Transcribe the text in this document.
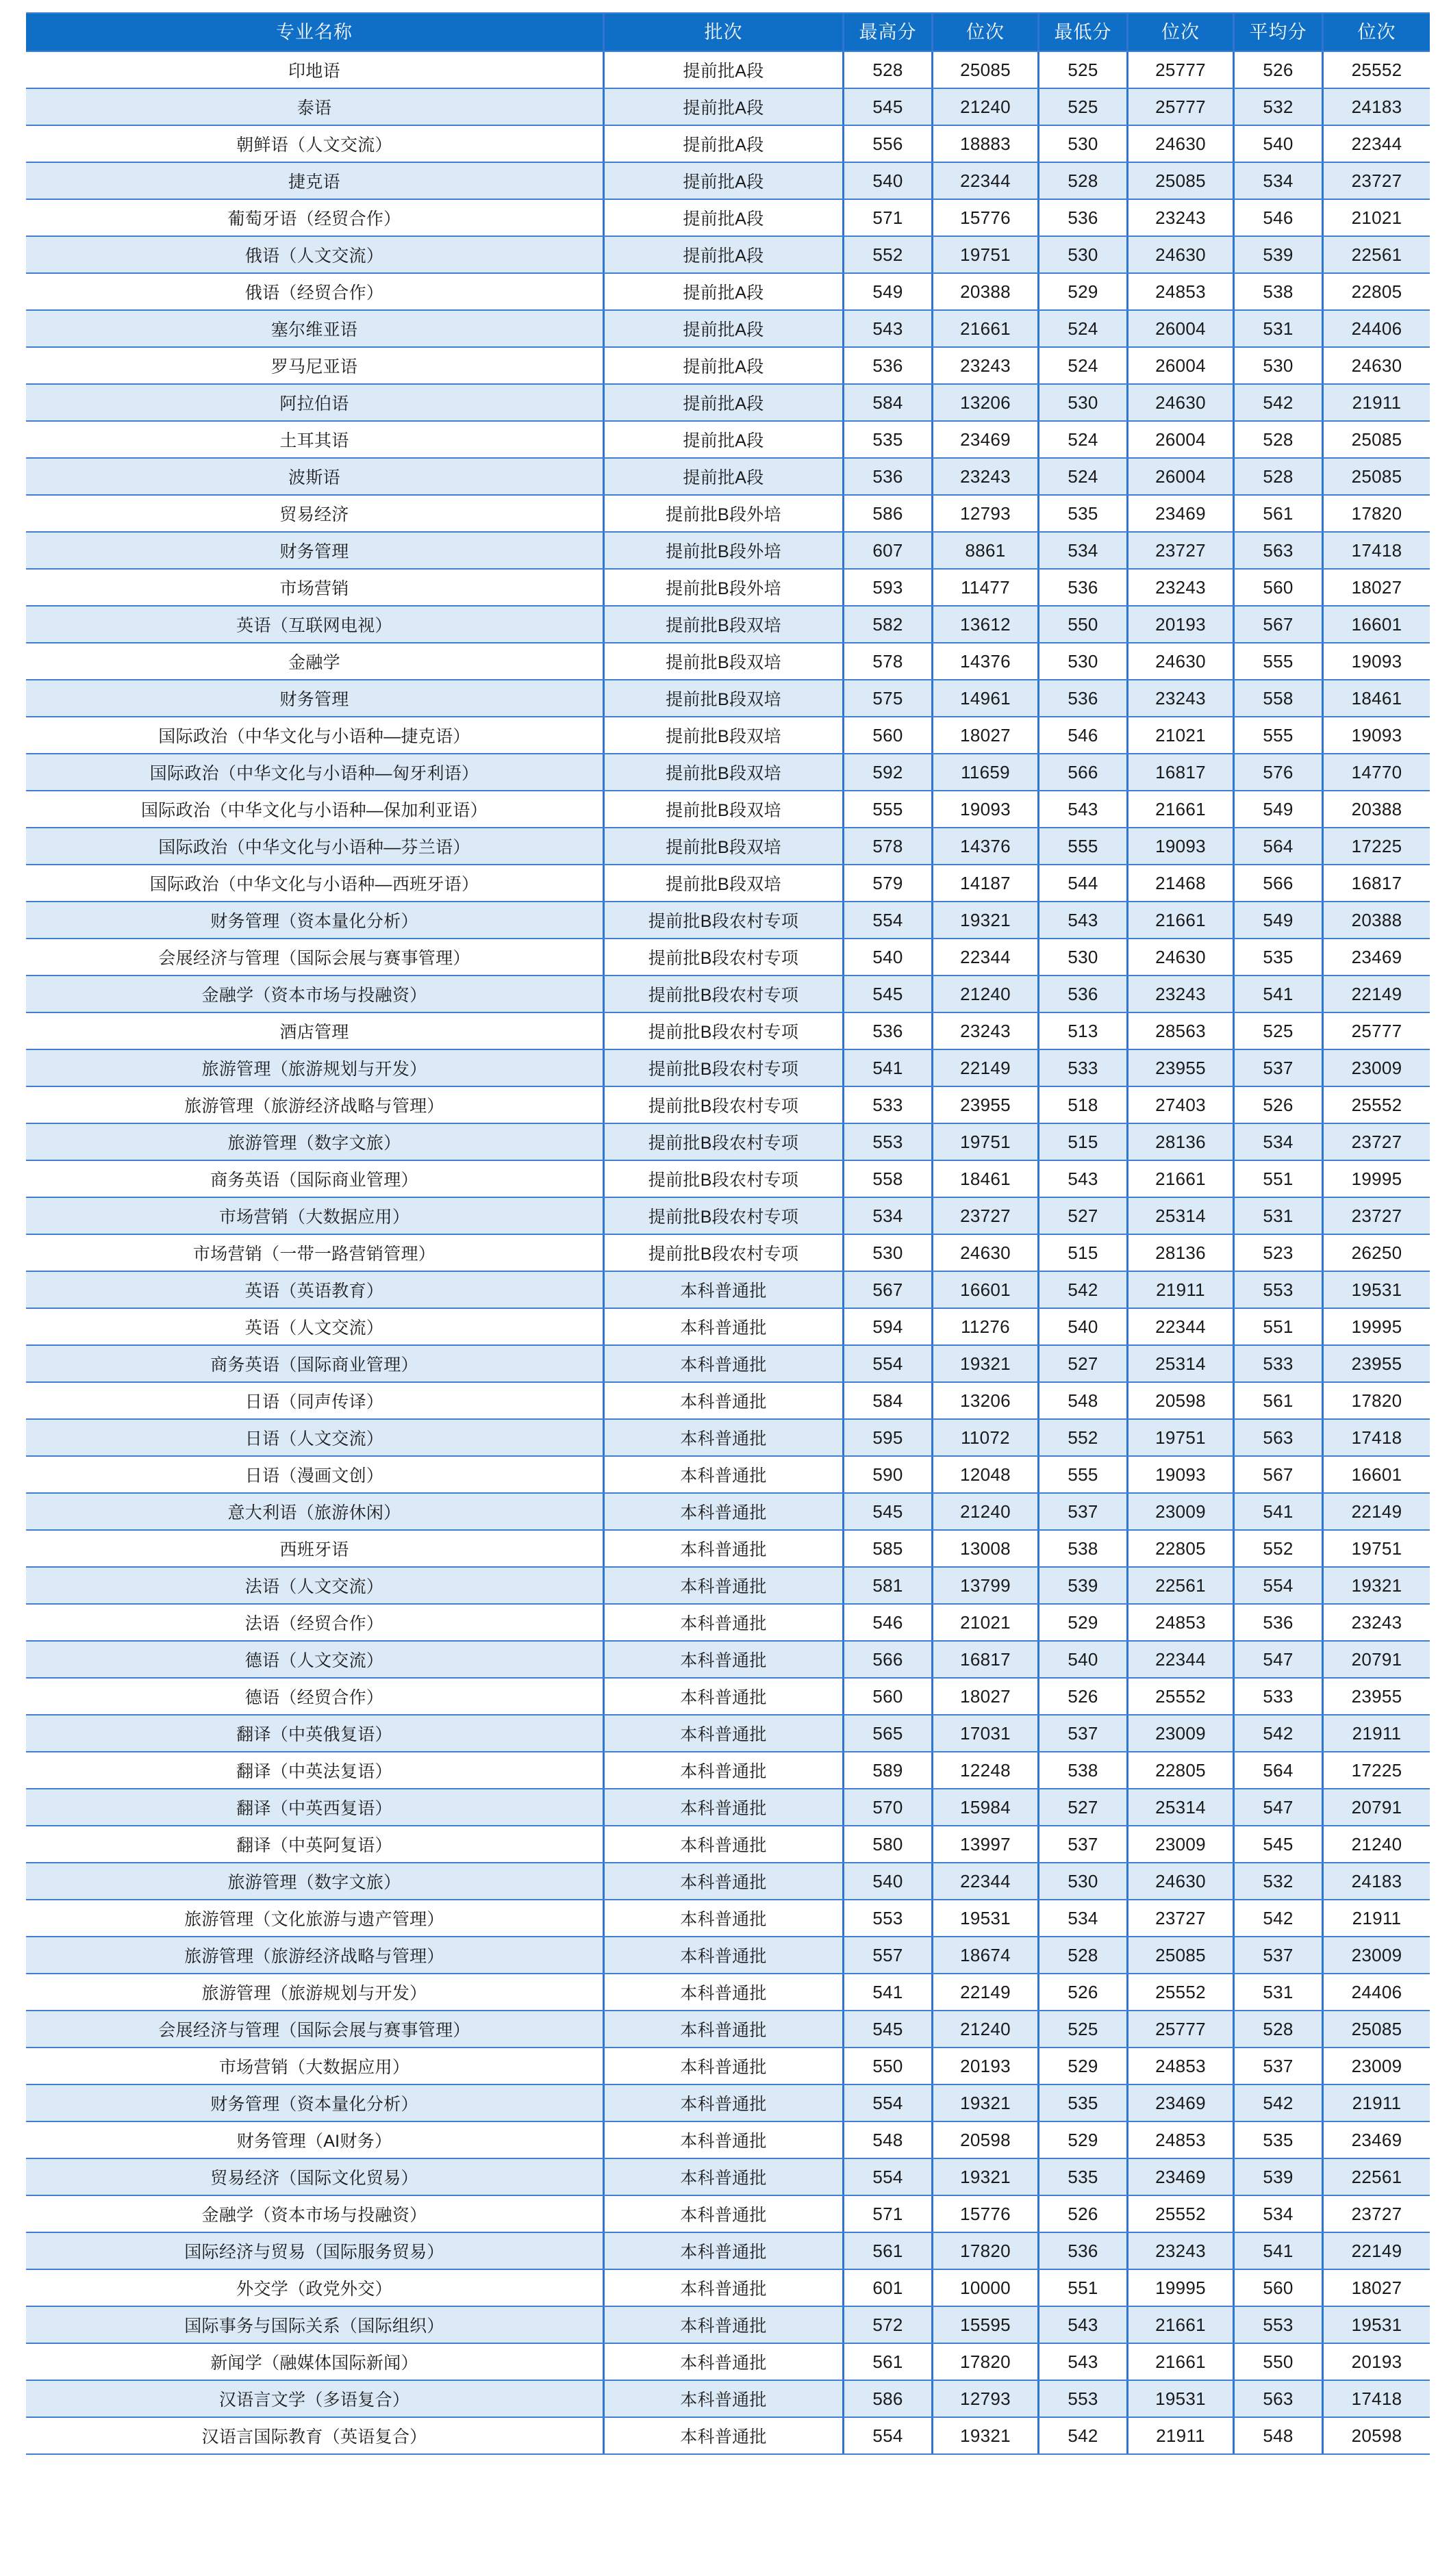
专业名称	批次	最高分	位次	最低分	位次	平均分	位次
印地语	提前批A段	528	25085	525	25777	526	25552
泰语	提前批A段	545	21240	525	25777	532	24183
朝鲜语（人文交流）	提前批A段	556	18883	530	24630	540	22344
捷克语	提前批A段	540	22344	528	25085	534	23727
葡萄牙语（经贸合作）	提前批A段	571	15776	536	23243	546	21021
俄语（人文交流）	提前批A段	552	19751	530	24630	539	22561
俄语（经贸合作）	提前批A段	549	20388	529	24853	538	22805
塞尔维亚语	提前批A段	543	21661	524	26004	531	24406
罗马尼亚语	提前批A段	536	23243	524	26004	530	24630
阿拉伯语	提前批A段	584	13206	530	24630	542	21911
土耳其语	提前批A段	535	23469	524	26004	528	25085
波斯语	提前批A段	536	23243	524	26004	528	25085
贸易经济	提前批B段外培	586	12793	535	23469	561	17820
财务管理	提前批B段外培	607	8861	534	23727	563	17418
市场营销	提前批B段外培	593	11477	536	23243	560	18027
英语（互联网电视）	提前批B段双培	582	13612	550	20193	567	16601
金融学	提前批B段双培	578	14376	530	24630	555	19093
财务管理	提前批B段双培	575	14961	536	23243	558	18461
国际政治（中华文化与小语种—捷克语）	提前批B段双培	560	18027	546	21021	555	19093
国际政治（中华文化与小语种—匈牙利语）	提前批B段双培	592	11659	566	16817	576	14770
国际政治（中华文化与小语种—保加利亚语）	提前批B段双培	555	19093	543	21661	549	20388
国际政治（中华文化与小语种—芬兰语）	提前批B段双培	578	14376	555	19093	564	17225
国际政治（中华文化与小语种—西班牙语）	提前批B段双培	579	14187	544	21468	566	16817
财务管理（资本量化分析）	提前批B段农村专项	554	19321	543	21661	549	20388
会展经济与管理（国际会展与赛事管理）	提前批B段农村专项	540	22344	530	24630	535	23469
金融学（资本市场与投融资）	提前批B段农村专项	545	21240	536	23243	541	22149
酒店管理	提前批B段农村专项	536	23243	513	28563	525	25777
旅游管理（旅游规划与开发）	提前批B段农村专项	541	22149	533	23955	537	23009
旅游管理（旅游经济战略与管理）	提前批B段农村专项	533	23955	518	27403	526	25552
旅游管理（数字文旅）	提前批B段农村专项	553	19751	515	28136	534	23727
商务英语（国际商业管理）	提前批B段农村专项	558	18461	543	21661	551	19995
市场营销（大数据应用）	提前批B段农村专项	534	23727	527	25314	531	23727
市场营销（一带一路营销管理）	提前批B段农村专项	530	24630	515	28136	523	26250
英语（英语教育）	本科普通批	567	16601	542	21911	553	19531
英语（人文交流）	本科普通批	594	11276	540	22344	551	19995
商务英语（国际商业管理）	本科普通批	554	19321	527	25314	533	23955
日语（同声传译）	本科普通批	584	13206	548	20598	561	17820
日语（人文交流）	本科普通批	595	11072	552	19751	563	17418
日语（漫画文创）	本科普通批	590	12048	555	19093	567	16601
意大利语（旅游休闲）	本科普通批	545	21240	537	23009	541	22149
西班牙语	本科普通批	585	13008	538	22805	552	19751
法语（人文交流）	本科普通批	581	13799	539	22561	554	19321
法语（经贸合作）	本科普通批	546	21021	529	24853	536	23243
德语（人文交流）	本科普通批	566	16817	540	22344	547	20791
德语（经贸合作）	本科普通批	560	18027	526	25552	533	23955
翻译（中英俄复语）	本科普通批	565	17031	537	23009	542	21911
翻译（中英法复语）	本科普通批	589	12248	538	22805	564	17225
翻译（中英西复语）	本科普通批	570	15984	527	25314	547	20791
翻译（中英阿复语）	本科普通批	580	13997	537	23009	545	21240
旅游管理（数字文旅）	本科普通批	540	22344	530	24630	532	24183
旅游管理（文化旅游与遗产管理）	本科普通批	553	19531	534	23727	542	21911
旅游管理（旅游经济战略与管理）	本科普通批	557	18674	528	25085	537	23009
旅游管理（旅游规划与开发）	本科普通批	541	22149	526	25552	531	24406
会展经济与管理（国际会展与赛事管理）	本科普通批	545	21240	525	25777	528	25085
市场营销（大数据应用）	本科普通批	550	20193	529	24853	537	23009
财务管理（资本量化分析）	本科普通批	554	19321	535	23469	542	21911
财务管理（AI财务）	本科普通批	548	20598	529	24853	535	23469
贸易经济（国际文化贸易）	本科普通批	554	19321	535	23469	539	22561
金融学（资本市场与投融资）	本科普通批	571	15776	526	25552	534	23727
国际经济与贸易（国际服务贸易）	本科普通批	561	17820	536	23243	541	22149
外交学（政党外交）	本科普通批	601	10000	551	19995	560	18027
国际事务与国际关系（国际组织）	本科普通批	572	15595	543	21661	553	19531
新闻学（融媒体国际新闻）	本科普通批	561	17820	543	21661	550	20193
汉语言文学（多语复合）	本科普通批	586	12793	553	19531	563	17418
汉语言国际教育（英语复合）	本科普通批	554	19321	542	21911	548	20598
